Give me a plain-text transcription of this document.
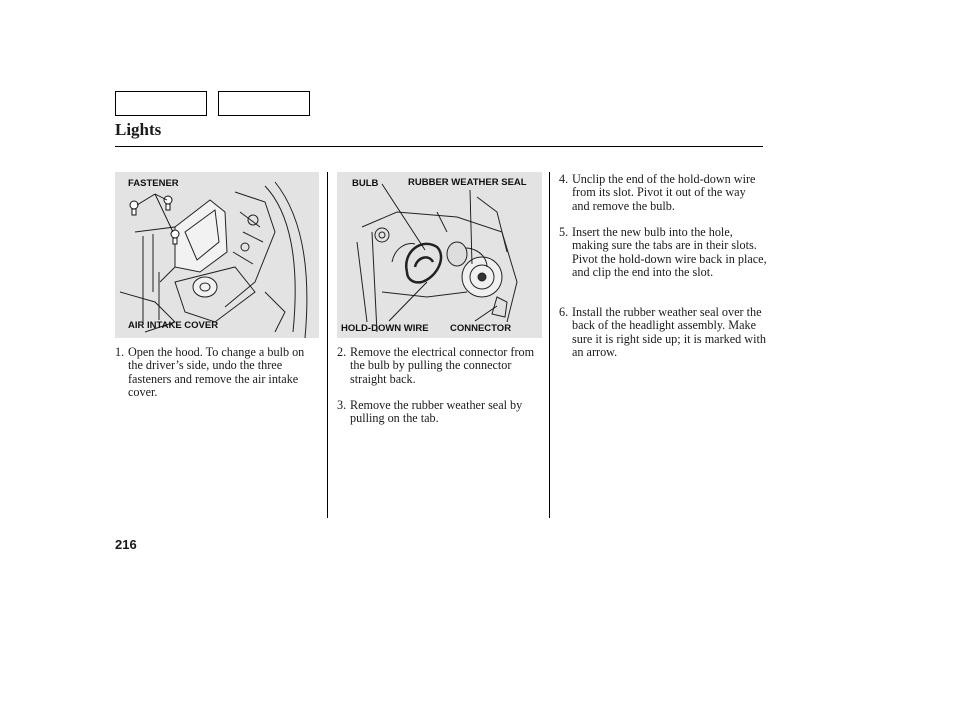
Lights
FASTENER
AIR INTAKE COVER
BULB	RUBBER WEATHER SEAL
HOLD-DOWN WIRE CONNECTOR
1. Open the hood. To change a bulb on the driver’s side, undo the three fasteners and remove the air intake cover.
2. Remove the electrical connector from the bulb by pulling the connector straight back.
3. Remove the rubber weather seal by pulling on the tab.
4. Unclip the end of the hold-down wire from its slot. Pivot it out of the way and remove the bulb.
5. Insert the new bulb into the hole, making sure the tabs are in their slots. Pivot the hold-down wire back in place, and clip the end into the slot.
6. Install the rubber weather seal over the back of the headlight assembly. Make sure it is right side up; it is marked with an arrow.
216
